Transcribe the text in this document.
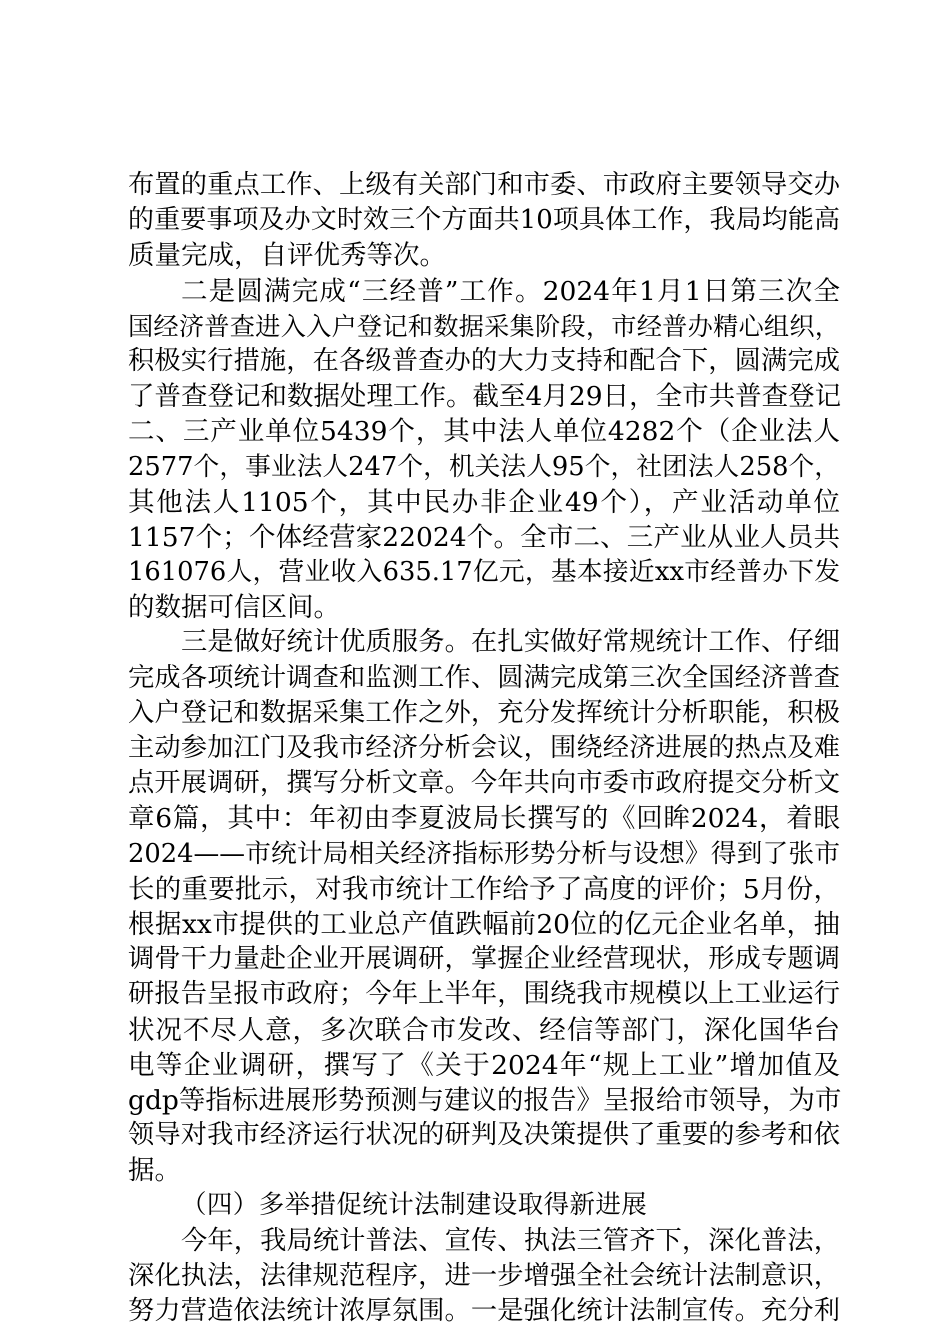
布置的重点工作、上级有关部门和市委、市政府主要领导交办
的重要事项及办文时效三个方面共10项具体工作，我局均能高
质量完成，自评优秀等次。
二是圆满完成“三经普”工作。2024年1月1日第三次全
国经济普查进入入户登记和数据采集阶段，市经普办精心组织，
积极实行措施，在各级普查办的大力支持和配合下，圆满完成
了普查登记和数据处理工作。截至4月29日，全市共普查登记
二、三产业单位5439个，其中法人单位4282个（企业法人
2577个，事业法人247个，机关法人95个，社团法人258个，
其他法人1105个，其中民办非企业49个），产业活动单位
1157个；个体经营家22024个。全市二、三产业从业人员共
161076人，营业收入635.17亿元，基本接近xx市经普办下发
的数据可信区间。
三是做好统计优质服务。在扎实做好常规统计工作、仔细
完成各项统计调查和监测工作、圆满完成第三次全国经济普查
入户登记和数据采集工作之外，充分发挥统计分析职能，积极
主动参加江门及我市经济分析会议，围绕经济进展的热点及难
点开展调研，撰写分析文章。今年共向市委市政府提交分析文
章6篇，其中：年初由李夏波局长撰写的《回眸2024，着眼
2024——市统计局相关经济指标形势分析与设想》得到了张市
长的重要批示，对我市统计工作给予了高度的评价；5月份，
根据xx市提供的工业总产值跌幅前20位的亿元企业名单，抽
调骨干力量赴企业开展调研，掌握企业经营现状，形成专题调
研报告呈报市政府；今年上半年，围绕我市规模以上工业运行
状况不尽人意，多次联合市发改、经信等部门，深化国华台
电等企业调研，撰写了《关于2024年“规上工业”增加值及
gdp等指标进展形势预测与建议的报告》呈报给市领导，为市
领导对我市经济运行状况的研判及决策提供了重要的参考和依
据。
（四）多举措促统计法制建设取得新进展
今年，我局统计普法、宣传、执法三管齐下，深化普法，
深化执法，法律规范程序，进一步增强全社会统计法制意识，
努力营造依法统计浓厚氛围。一是强化统计法制宣传。充分利
